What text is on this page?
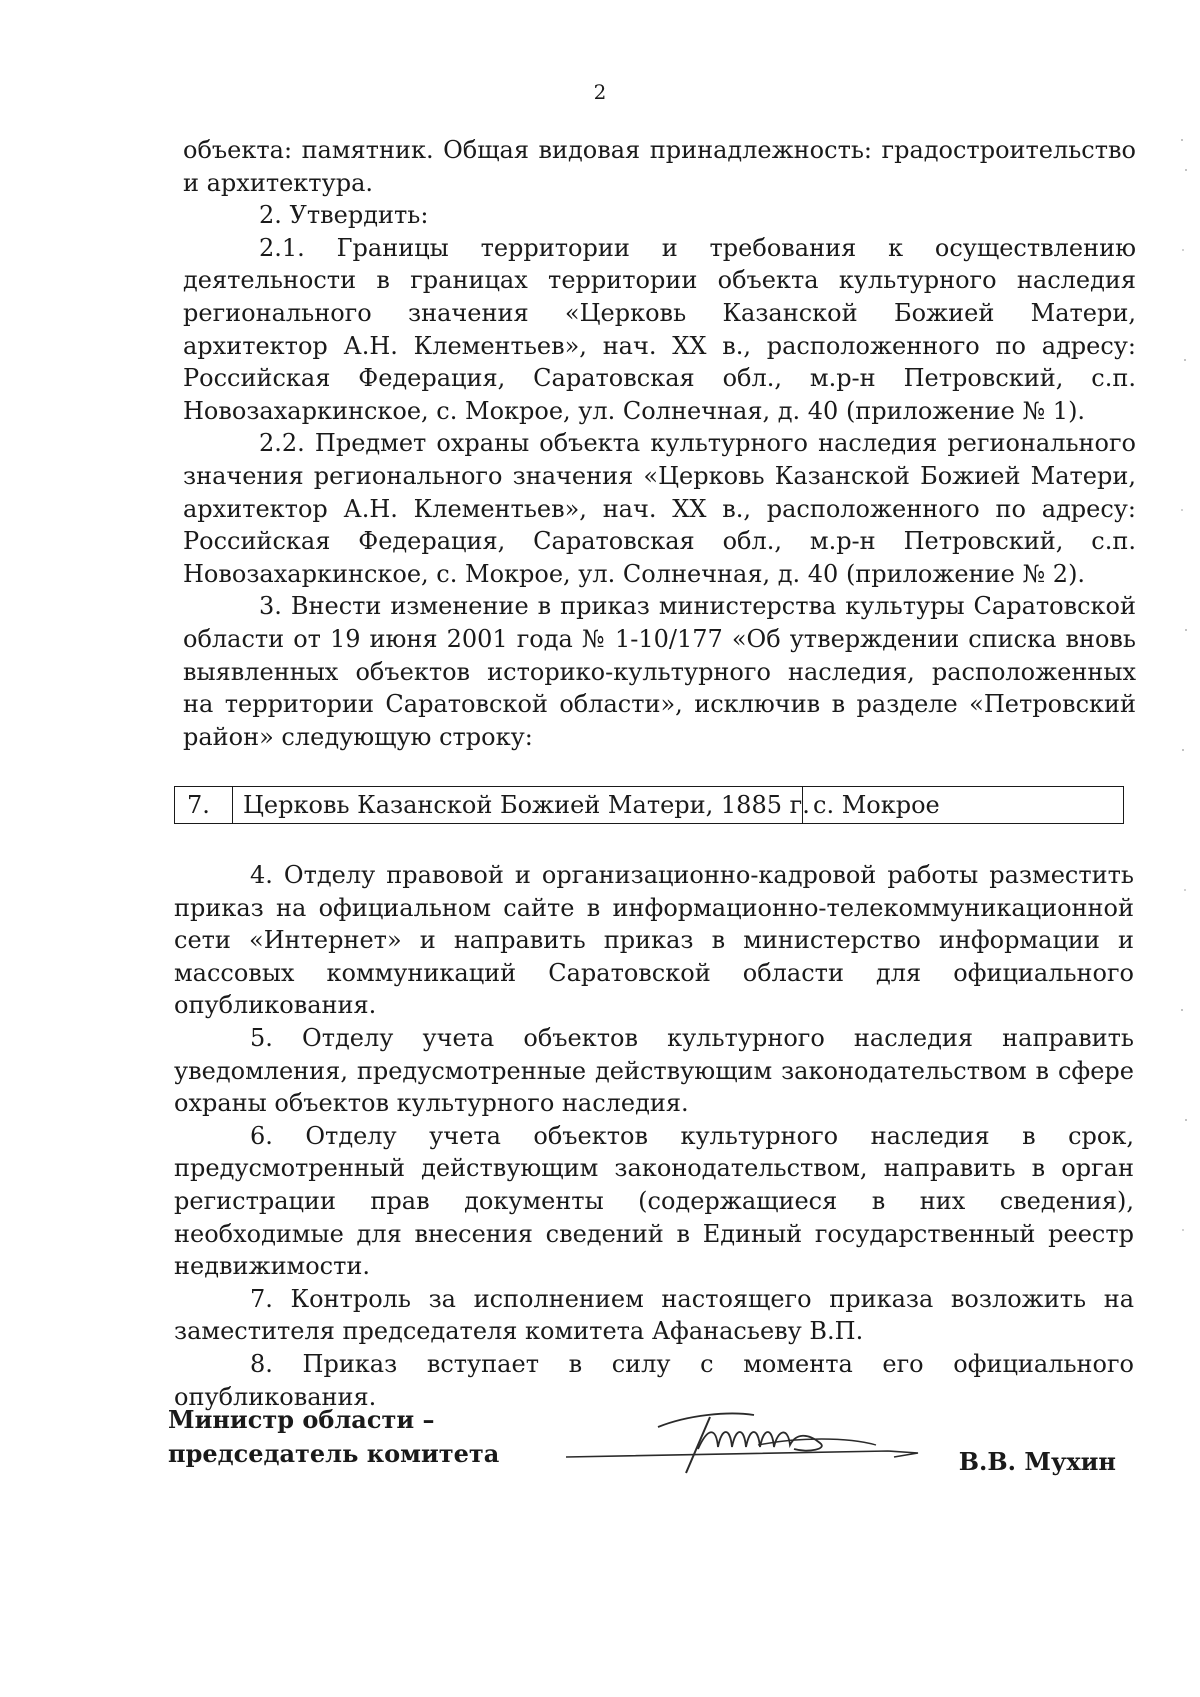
2

объекта: памятник. Общая видовая принадлежность: градостроительство и архитектура.

2. Утвердить:

2.1. Границы территории и требования к осуществлению деятельности в границах территории объекта культурного наследия регионального значения «Церковь Казанской Божией Матери, архитектор А.Н. Клементьев», нач. XX в., расположенного по адресу: Российская Федерация, Саратовская обл., м.р-н Петровский, с.п. Новозахаркинское, с. Мокрое, ул. Солнечная, д. 40 (приложение № 1).

2.2. Предмет охраны объекта культурного наследия регионального значения регионального значения «Церковь Казанской Божией Матери, архитектор А.Н. Клементьев», нач. XX в., расположенного по адресу: Российская Федерация, Саратовская обл., м.р-н Петровский, с.п. Новозахаркинское, с. Мокрое, ул. Солнечная, д. 40 (приложение № 2).

3. Внести изменение в приказ министерства культуры Саратовской области от 19 июня 2001 года № 1-10/177 «Об утверждении списка вновь выявленных объектов историко-культурного наследия, расположенных на территории Саратовской области», исключив в разделе «Петровский район» следующую строку:

7.	Церковь Казанской Божией Матери, 1885 г. с. Мокрое

4. Отделу правовой и организационно-кадровой работы разместить приказ на официальном сайте в информационно-телекоммуникационной сети «Интернет» и направить приказ в министерство информации и массовых коммуникаций Саратовской области для официального опубликования.

5. Отделу учета объектов культурного наследия направить уведомления, предусмотренные действующим законодательством в сфере охраны объектов культурного наследия.

6. Отделу учета объектов культурного наследия в срок, предусмотренный действующим законодательством, направить в орган регистрации прав документы (содержащиеся в них сведения), необходимые для внесения сведений в Единый государственный реестр недвижимости.

7. Контроль за исполнением настоящего приказа возложить на заместителя председателя комитета Афанасьеву В.П.

8. Приказ вступает в силу с момента его официального опубликования.

Министр области –
председатель комитета	В.В. Мухин
